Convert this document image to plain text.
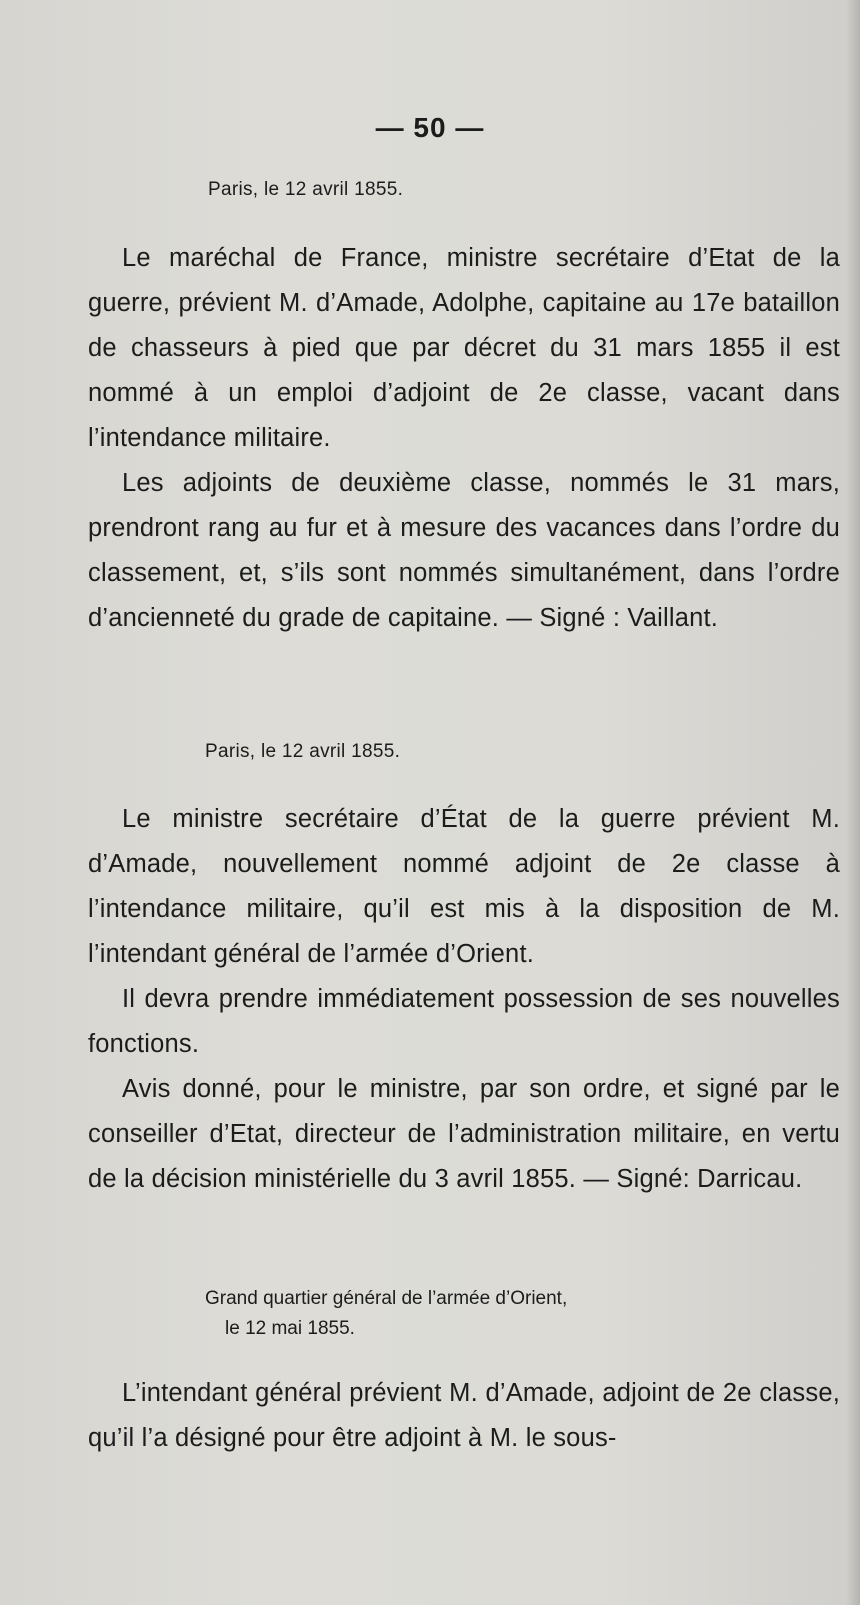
— 50 —
Paris, le 12 avril 1855.

Le maréchal de France, ministre secrétaire d’Etat de la guerre, prévient M. d’Amade, Adolphe, capitaine au 17e bataillon de chasseurs à pied que par décret du 31 mars 1855 il est nommé à un emploi d’adjoint de 2e classe, vacant dans l’intendance militaire.

Les adjoints de deuxième classe, nommés le 31 mars, prendront rang au fur et à mesure des vacances dans l’ordre du classement, et, s’ils sont nommés simultanément, dans l’ordre d’ancienneté du grade de capitaine. — Signé : Vaillant.

Paris, le 12 avril 1855.

Le ministre secrétaire d’État de la guerre prévient M. d’Amade, nouvellement nommé adjoint de 2e classe à l’intendance militaire, qu’il est mis à la disposition de M. l’intendant général de l’armée d’Orient.

Il devra prendre immédiatement possession de ses nouvelles fonctions.

Avis donné, pour le ministre, par son ordre, et signé par le conseiller d’Etat, directeur de l’administration militaire, en vertu de la décision ministérielle du 3 avril 1855. — Signé: Darricau.

Grand quartier général de l’armée d’Orient,
le 12 mai 1855.

L’intendant général prévient M. d’Amade, adjoint de 2e classe, qu’il l’a désigné pour être adjoint à M. le sous-
